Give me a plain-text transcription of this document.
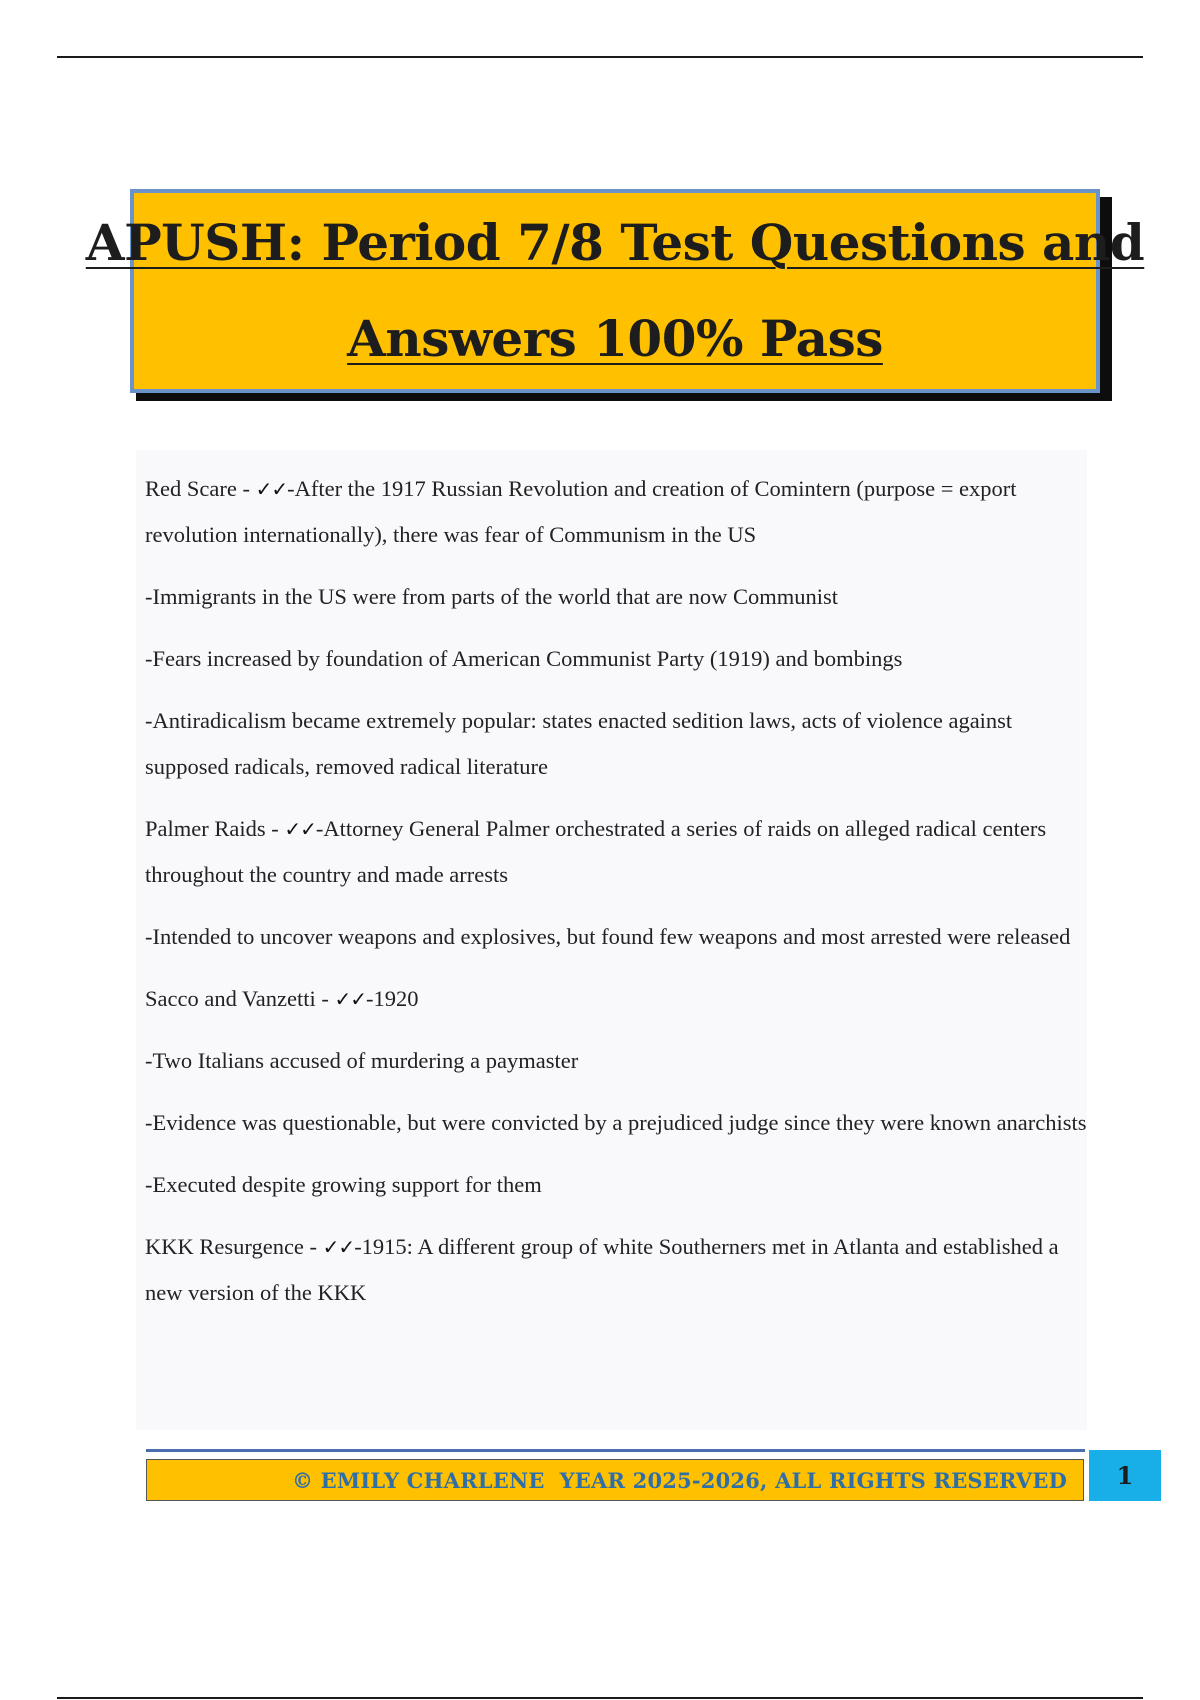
APUSH: Period 7/8 Test Questions and
Answers 100% Pass

Red Scare - ✓✓-After the 1917 Russian Revolution and creation of Comintern (purpose = export revolution internationally), there was fear of Communism in the US

-Immigrants in the US were from parts of the world that are now Communist

-Fears increased by foundation of American Communist Party (1919) and bombings

-Antiradicalism became extremely popular: states enacted sedition laws, acts of violence against supposed radicals, removed radical literature

Palmer Raids - ✓✓-Attorney General Palmer orchestrated a series of raids on alleged radical centers throughout the country and made arrests

-Intended to uncover weapons and explosives, but found few weapons and most arrested were released

Sacco and Vanzetti - ✓✓-1920

-Two Italians accused of murdering a paymaster

-Evidence was questionable, but were convicted by a prejudiced judge since they were known anarchists

-Executed despite growing support for them

KKK Resurgence - ✓✓-1915: A different group of white Southerners met in Atlanta and established a new version of the KKK

© EMILY CHARLENE  YEAR 2025-2026, ALL RIGHTS RESERVED 1
